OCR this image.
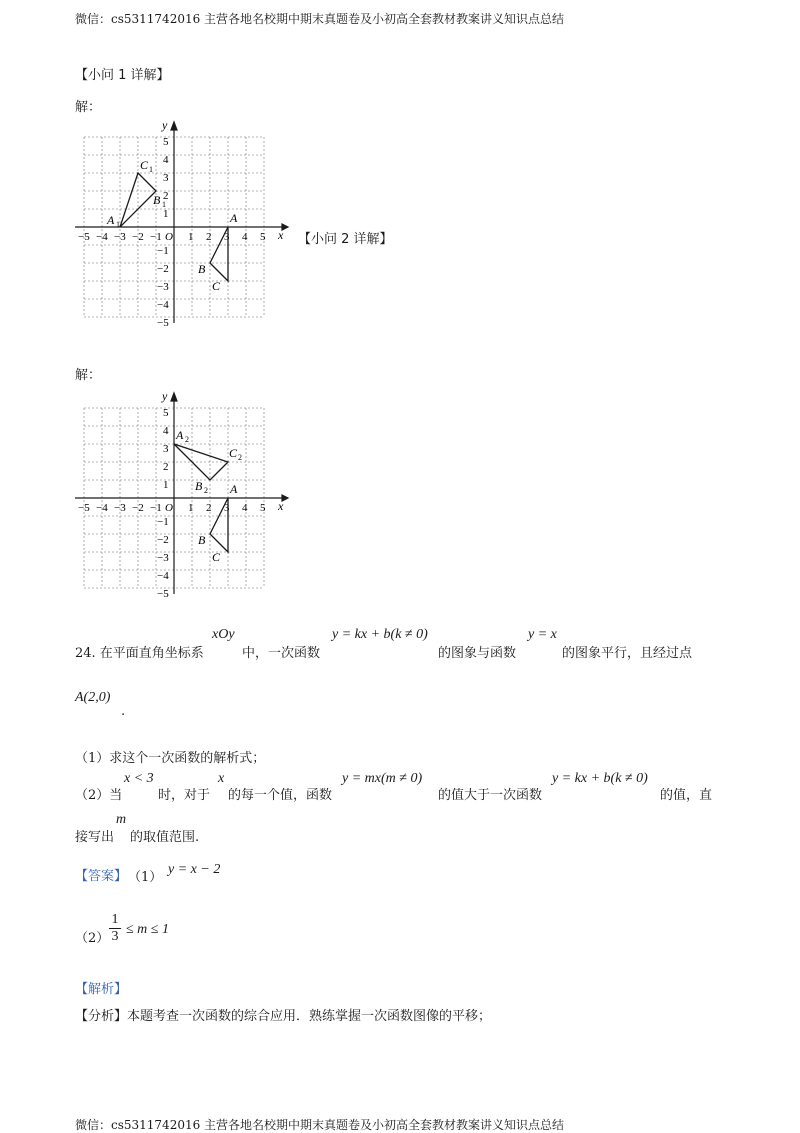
微信：cs5311742016 主营各地名校期中期末真题卷及小初高全套教材教案讲义知识点总结
【小问 1 详解】
解：
x
y
−5 −4 −3 −2 −1 O 1 2 3 4 5
5
4
3
2
1
−1
−2
−3
−4
−5
A 1
C 1
B 1
A
B
C
【小问 2 详解】
解：
x
y
−5 −4 −3 −2 −1 O 1 2 3 4 5
5
4
3
2
1
−1
−2
−3
−4
−5
A 2
C 2
B 2 A
B
C
24. 在平面直角坐标系
xOy
中，一次函数
y = kx + b(k ≠ 0)
的图象与函数
y = x
的图象平行，且经过点
A(2,0)
.
（1）求这个一次函数的解析式；
（2）当
x < 3
时，对于
x
的每一个值，函数
y = mx(m ≠ 0)
的值大于一次函数
y = kx + b(k ≠ 0)
的值，直
接写出
m
的取值范围.
【答案】 （1）
y = x − 2
（2）
1
3 ≤ m ≤ 1
【解析】
【分析】本题考查一次函数的综合应用．熟练掌握一次函数图像的平移；
微信：cs5311742016 主营各地名校期中期末真题卷及小初高全套教材教案讲义知识点总结
